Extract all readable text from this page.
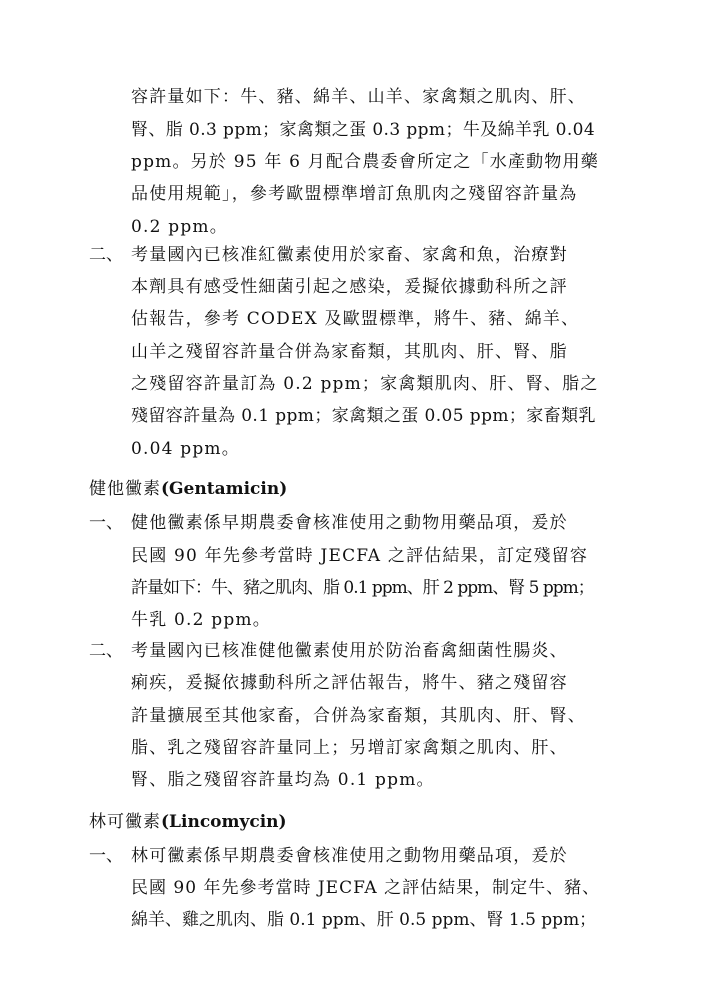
容許量如下：牛、豬、綿羊、山羊、家禽類之肌肉、肝、
腎、脂 0.3 ppm；家禽類之蛋 0.3 ppm；牛及綿羊乳 0.04
ppm。另於 95 年 6 月配合農委會所定之「水產動物用藥
品使用規範」，參考歐盟標準增訂魚肌肉之殘留容許量為
0.2 ppm。
二、 考量國內已核准紅黴素使用於家畜、家禽和魚，治療對
本劑具有感受性細菌引起之感染，爰擬依據動科所之評
估報告，參考 CODEX 及歐盟標準，將牛、豬、綿羊、
山羊之殘留容許量合併為家畜類，其肌肉、肝、腎、脂
之殘留容許量訂為 0.2 ppm；家禽類肌肉、肝、腎、脂之
殘留容許量為 0.1 ppm；家禽類之蛋 0.05 ppm；家畜類乳
0.04 ppm。
健他黴素(Gentamicin)
一、 健他黴素係早期農委會核准使用之動物用藥品項，爰於
民國 90 年先參考當時 JECFA 之評估結果，訂定殘留容
許量如下：牛、豬之肌肉、脂 0.1 ppm、肝 2 ppm、腎 5 ppm；
牛乳 0.2 ppm。
二、 考量國內已核准健他黴素使用於防治畜禽細菌性腸炎、
痢疾，爰擬依據動科所之評估報告，將牛、豬之殘留容
許量擴展至其他家畜，合併為家畜類，其肌肉、肝、腎、
脂、乳之殘留容許量同上；另增訂家禽類之肌肉、肝、
腎、脂之殘留容許量均為 0.1 ppm。
林可黴素(Lincomycin)
一、 林可黴素係早期農委會核准使用之動物用藥品項，爰於
民國 90 年先參考當時 JECFA 之評估結果，制定牛、豬、
綿羊、雞之肌肉、脂 0.1 ppm、肝 0.5 ppm、腎 1.5 ppm；
